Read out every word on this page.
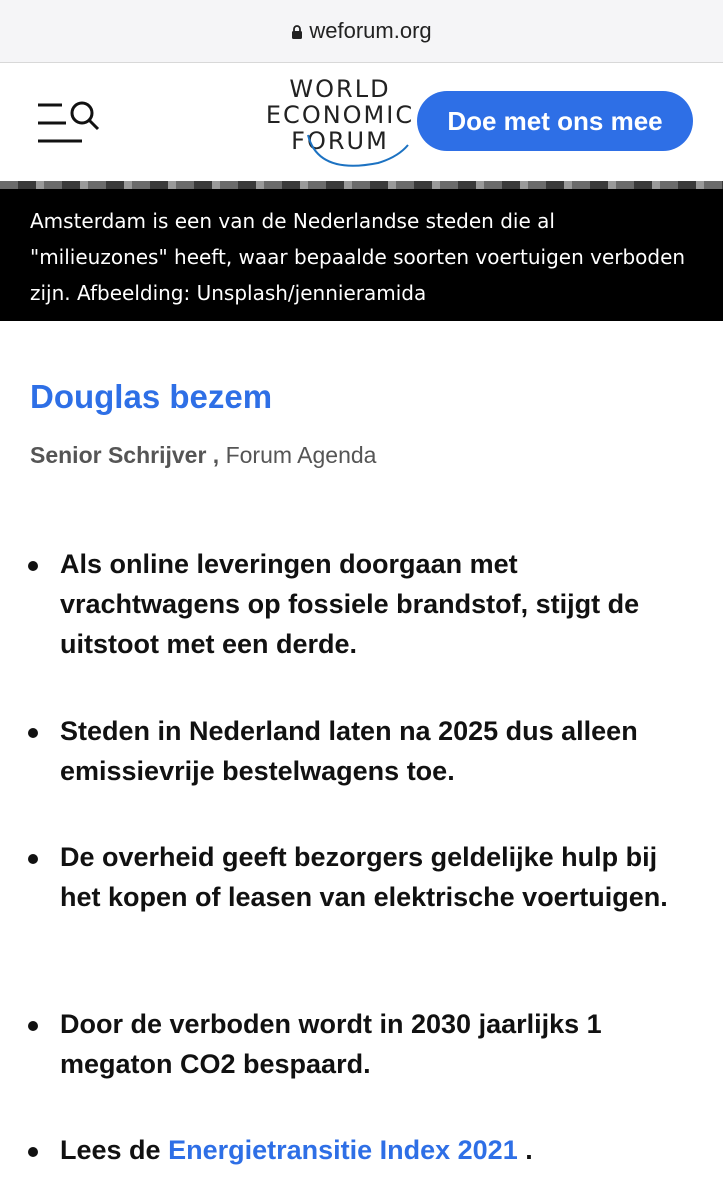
weforum.org
WORLD
ECONOMIC
FORUM
Doe met ons mee
Amsterdam is een van de Nederlandse steden die al "milieuzones" heeft, waar bepaalde soorten voertuigen verboden zijn. Afbeelding: Unsplash/jennieramida
Douglas bezem
Senior Schrijver , Forum Agenda
Als online leveringen doorgaan met vrachtwagens op fossiele brandstof, stijgt de uitstoot met een derde.
Steden in Nederland laten na 2025 dus alleen emissievrije bestelwagens toe.
De overheid geeft bezorgers geldelijke hulp bij het kopen of leasen van elektrische voertuigen.
Door de verboden wordt in 2030 jaarlijks 1 megaton CO2 bespaard.
Lees de Energietransitie Index 2021 .
